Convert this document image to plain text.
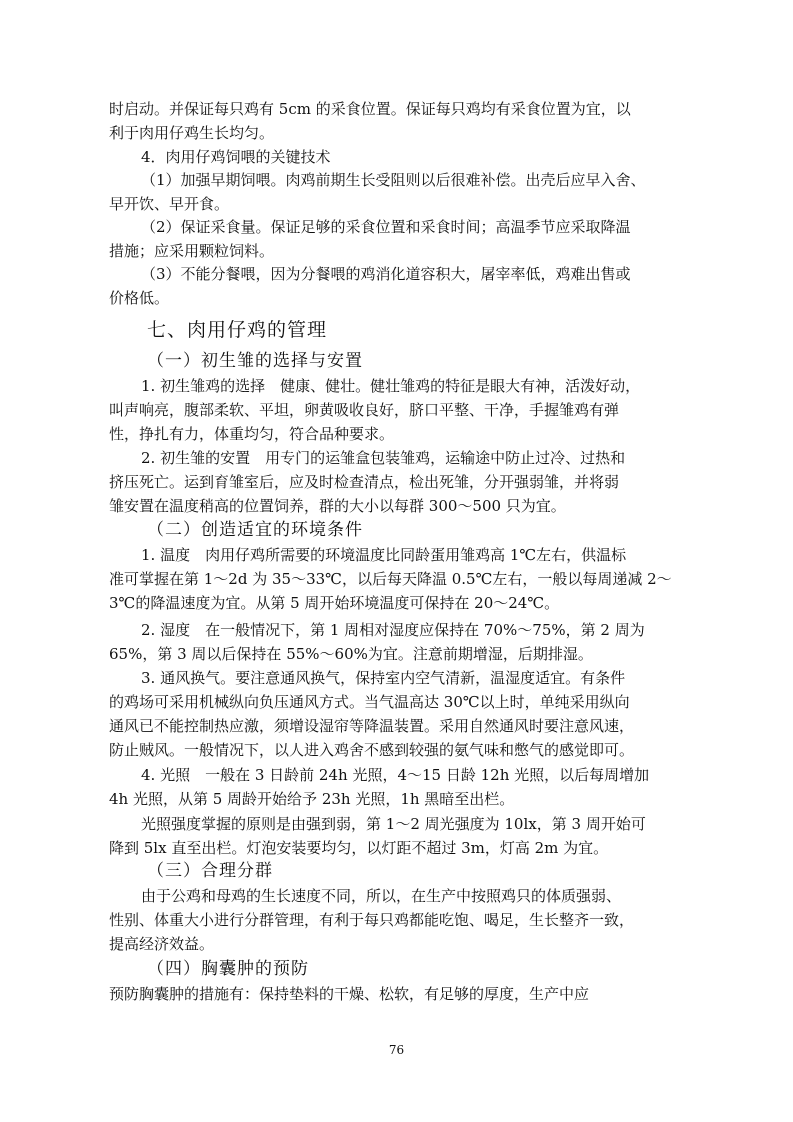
时启动。并保证每只鸡有 5cm 的采食位置。保证每只鸡均有采食位置为宜，以
利于肉用仔鸡生长均匀。
4．肉用仔鸡饲喂的关键技术
（1）加强早期饲喂。肉鸡前期生长受阻则以后很难补偿。出壳后应早入舍、
早开饮、早开食。
（2）保证采食量。保证足够的采食位置和采食时间；高温季节应采取降温
措施；应采用颗粒饲料。
（3）不能分餐喂，因为分餐喂的鸡消化道容积大，屠宰率低，鸡难出售或
价格低。
七、肉用仔鸡的管理
（一）初生雏的选择与安置
1. 初生雏鸡的选择　健康、健壮。健壮雏鸡的特征是眼大有神，活泼好动，
叫声响亮，腹部柔软、平坦，卵黄吸收良好，脐口平整、干净，手握雏鸡有弹
性，挣扎有力，体重均匀，符合品种要求。
2. 初生雏的安置　用专门的运雏盒包装雏鸡，运输途中防止过冷、过热和
挤压死亡。运到育雏室后，应及时检查清点，检出死雏，分开强弱雏，并将弱
雏安置在温度稍高的位置饲养，群的大小以每群 300～500 只为宜。
（二）创造适宜的环境条件
1. 温度　肉用仔鸡所需要的环境温度比同龄蛋用雏鸡高 1℃左右，供温标
准可掌握在第 1～2d 为 35～33℃，以后每天降温 0.5℃左右，一般以每周递减 2～
3℃的降温速度为宜。从第 5 周开始环境温度可保持在 20～24℃。
2. 湿度　在一般情况下，第 1 周相对湿度应保持在 70%～75%，第 2 周为
65%，第 3 周以后保持在 55%～60%为宜。注意前期增湿，后期排湿。
3. 通风换气。要注意通风换气，保持室内空气清新，温湿度适宜。有条件
的鸡场可采用机械纵向负压通风方式。当气温高达 30℃以上时，单纯采用纵向
通风已不能控制热应激，须增设湿帘等降温装置。采用自然通风时要注意风速，
防止贼风。一般情况下，以人进入鸡舍不感到较强的氨气味和憋气的感觉即可。
4. 光照　一般在 3 日龄前 24h 光照，4～15 日龄 12h 光照，以后每周增加
4h 光照，从第 5 周龄开始给予 23h 光照，1h 黑暗至出栏。
光照强度掌握的原则是由强到弱，第 1～2 周光强度为 10lx，第 3 周开始可
降到 5lx 直至出栏。灯泡安装要均匀，以灯距不超过 3m，灯高 2m 为宜。
（三）合理分群
由于公鸡和母鸡的生长速度不同，所以，在生产中按照鸡只的体质强弱、
性别、体重大小进行分群管理，有利于每只鸡都能吃饱、喝足，生长整齐一致，
提高经济效益。
（四）胸囊肿的预防
预防胸囊肿的措施有：保持垫料的干燥、松软，有足够的厚度，生产中应
76
